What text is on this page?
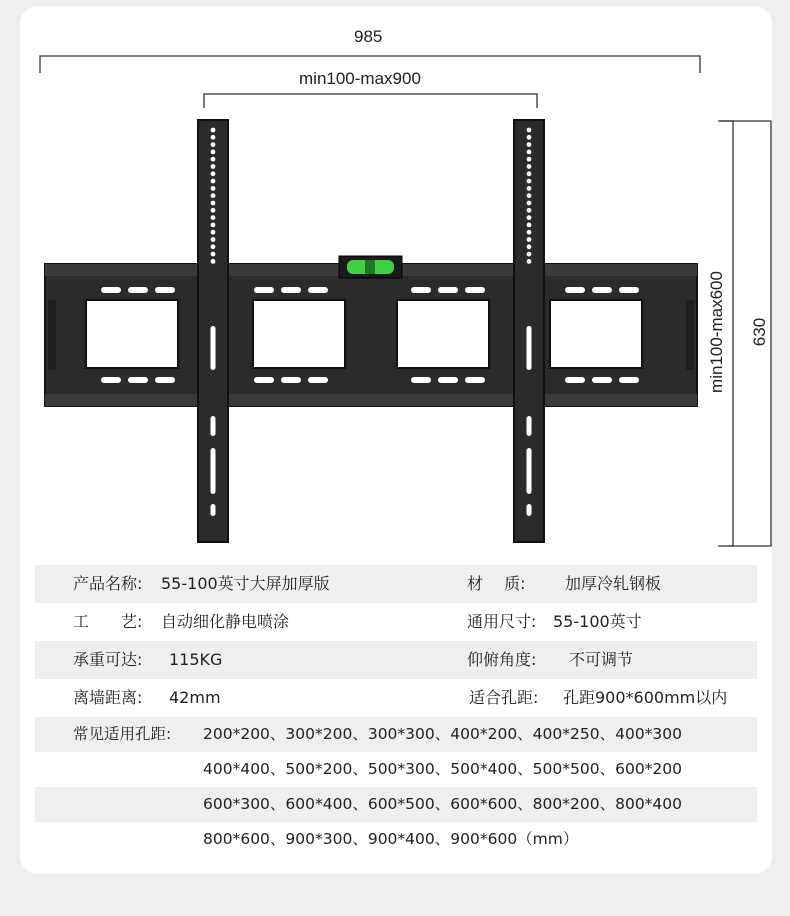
985
min100-max900
min100-max600 630
产品名称: 55-100英寸大屏加厚版	材　 质: 加厚冷轧钢板
工　　艺: 自动细化静电喷涂	通用尺寸: 55-100英寸
承重可达: 115KG	仰俯角度: 不可调节
离墙距离: 42mm	适合孔距: 孔距900*600mm以内
常见适用孔距: 200*200、300*200、300*300、400*200、400*250、400*300
400*400、500*200、500*300、500*400、500*500、600*200
600*300、600*400、600*500、600*600、800*200、800*400
800*600、900*300、900*400、900*600（mm）
